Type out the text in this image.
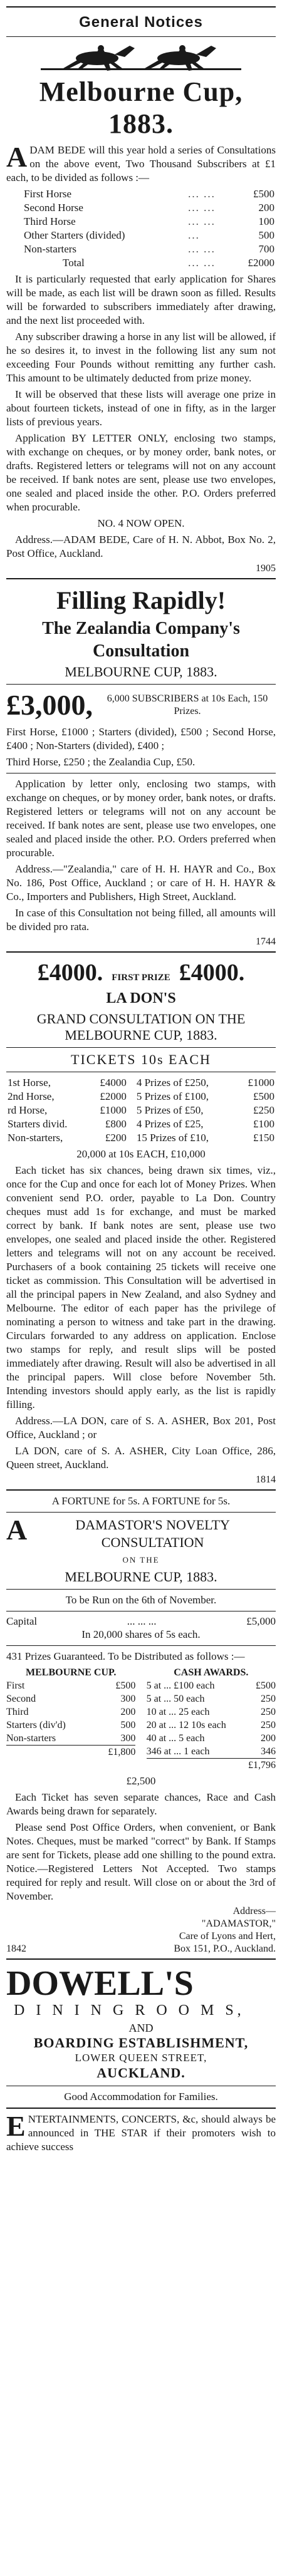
General Notices
Melbourne Cup, 1883.

ADAM BEDE will this year hold a series of Consultations on the above event, Two Thousand Subscribers at £1 each, to be divided as follows :—

First Horse	... ...	£500
Second Horse	... ...	200
Third Horse	... ...	100
Other Starters (divided)	...	500
Non-starters	... ...	700
Total	... ...	£2000

It is particularly requested that early application for Shares will be made, as each list will be drawn soon as filled. Results will be forwarded to subscribers immediately after drawing, and the next list proceeded with.

Any subscriber drawing a horse in any list will be allowed, if he so desires it, to invest in the following list any sum not exceeding Four Pounds without remitting any further cash. This amount to be ultimately deducted from prize money.

It will be observed that these lists will average one prize in about fourteen tickets, instead of one in fifty, as in the larger lists of previous years.

Application BY LETTER ONLY, enclosing two stamps, with exchange on cheques, or by money order, bank notes, or drafts. Registered letters or telegrams will not on any account be received. If bank notes are sent, please use two envelopes, one sealed and placed inside the other. P.O. Orders preferred when procurable.

NO. 4 NOW OPEN.

Address.—ADAM BEDE, Care of H. N. Abbot, Box No. 2, Post Office, Auckland.

1905
Filling Rapidly!
The Zealandia Company's
Consultation
MELBOURNE CUP, 1883.
£3,000,	6,000 SUBSCRIBERS at 10s Each, 150 Prizes.

First Horse, £1000 ; Starters (divided), £500 ; Second Horse, £400 ; Non-Starters (divided), £400 ;

Third Horse, £250 ; the Zealandia Cup, £50.

Application by letter only, enclosing two stamps, with exchange on cheques, or by money order, bank notes, or drafts. Registered letters or telegrams will not on any account be received. If bank notes are sent, please use two envelopes, one sealed and placed inside the other. P.O. Orders preferred when procurable.

Address.—"Zealandia," care of H. H. HAYR and Co., Box No. 186, Post Office, Auckland ; or care of H. H. HAYR & Co., Importers and Publishers, High Street, Auckland.

In case of this Consultation not being filled, all amounts will be divided pro rata.

1744
£4000. FIRST PRIZE £4000.
LA DON'S
GRAND CONSULTATION ON THE MELBOURNE CUP, 1883.
TICKETS 10s EACH
1st Horse,	£4000	4 Prizes of £250,	£1000
2nd Horse,	£2000	5 Prizes of £100,	£500
rd Horse,	£1000	5 Prizes of £50,	£250
Starters divid.	£800	4 Prizes of £25,	£100
Non-starters,	£200	15 Prizes of £10,	£150

20,000 at 10s EACH, £10,000

Each ticket has six chances, being drawn six times, viz., once for the Cup and once for each lot of Money Prizes. When convenient send P.O. order, payable to La Don. Country cheques must add 1s for exchange, and must be marked correct by bank. If bank notes are sent, please use two envelopes, one sealed and placed inside the other. Registered letters and telegrams will not on any account be received. Purchasers of a book containing 25 tickets will receive one ticket as commission. This Consultation will be advertised in all the principal papers in New Zealand, and also Sydney and Melbourne. The editor of each paper has the privilege of nominating a person to witness and take part in the drawing. Circulars forwarded to any address on application. Enclose two stamps for reply, and result slips will be posted immediately after drawing. Result will also be advertised in all the principal papers. Will close before November 5th. Intending investors should apply early, as the list is rapidly filling.

Address.—LA DON, care of S. A. ASHER, Box 201, Post Office, Auckland ; or

LA DON, care of S. A. ASHER, City Loan Office, 286, Queen street, Auckland.

1814

A FORTUNE for 5s. A FORTUNE for 5s.

A	DAMASTOR'S NOVELTY CONSULTATION

ON THE
MELBOURNE CUP, 1883.

To be Run on the 6th of November.

Capital	... ... ...	£5,000

In 20,000 shares of 5s each.

431 Prizes Guaranteed. To be Distributed as follows :—

MELBOURNE CUP.
First	£500
Second	300
Third	200
Starters (div'd)	500
Non-starters	300
£1,800
CASH AWARDS.
5 at ... £100 each	£500
5 at ... 50 each	250
10 at ... 25 each	250
20 at ... 12 10s each	250
40 at ... 5 each	200
346 at ... 1 each	346
£1,796

£2,500

Each Ticket has seven separate chances, Race and Cash Awards being drawn for separately.

Please send Post Office Orders, when convenient, or Bank Notes. Cheques, must be marked "correct" by Bank. If Stamps are sent for Tickets, please add one shilling to the pound extra. Notice.—Registered Letters Not Accepted. Two stamps required for reply and result. Will close on or about the 3rd of November.

Address—
"ADAMASTOR,"
Care of Lyons and Hert,
1842	Box 151, P.O., Auckland.
DOWELL'S
D I N I N G R O O M S,
AND
BOARDING ESTABLISHMENT,
LOWER QUEEN STREET,
AUCKLAND.

Good Accommodation for Families.

ENTERTAINMENTS, CONCERTS, &c, should always be announced in THE STAR if their promoters wish to achieve success
